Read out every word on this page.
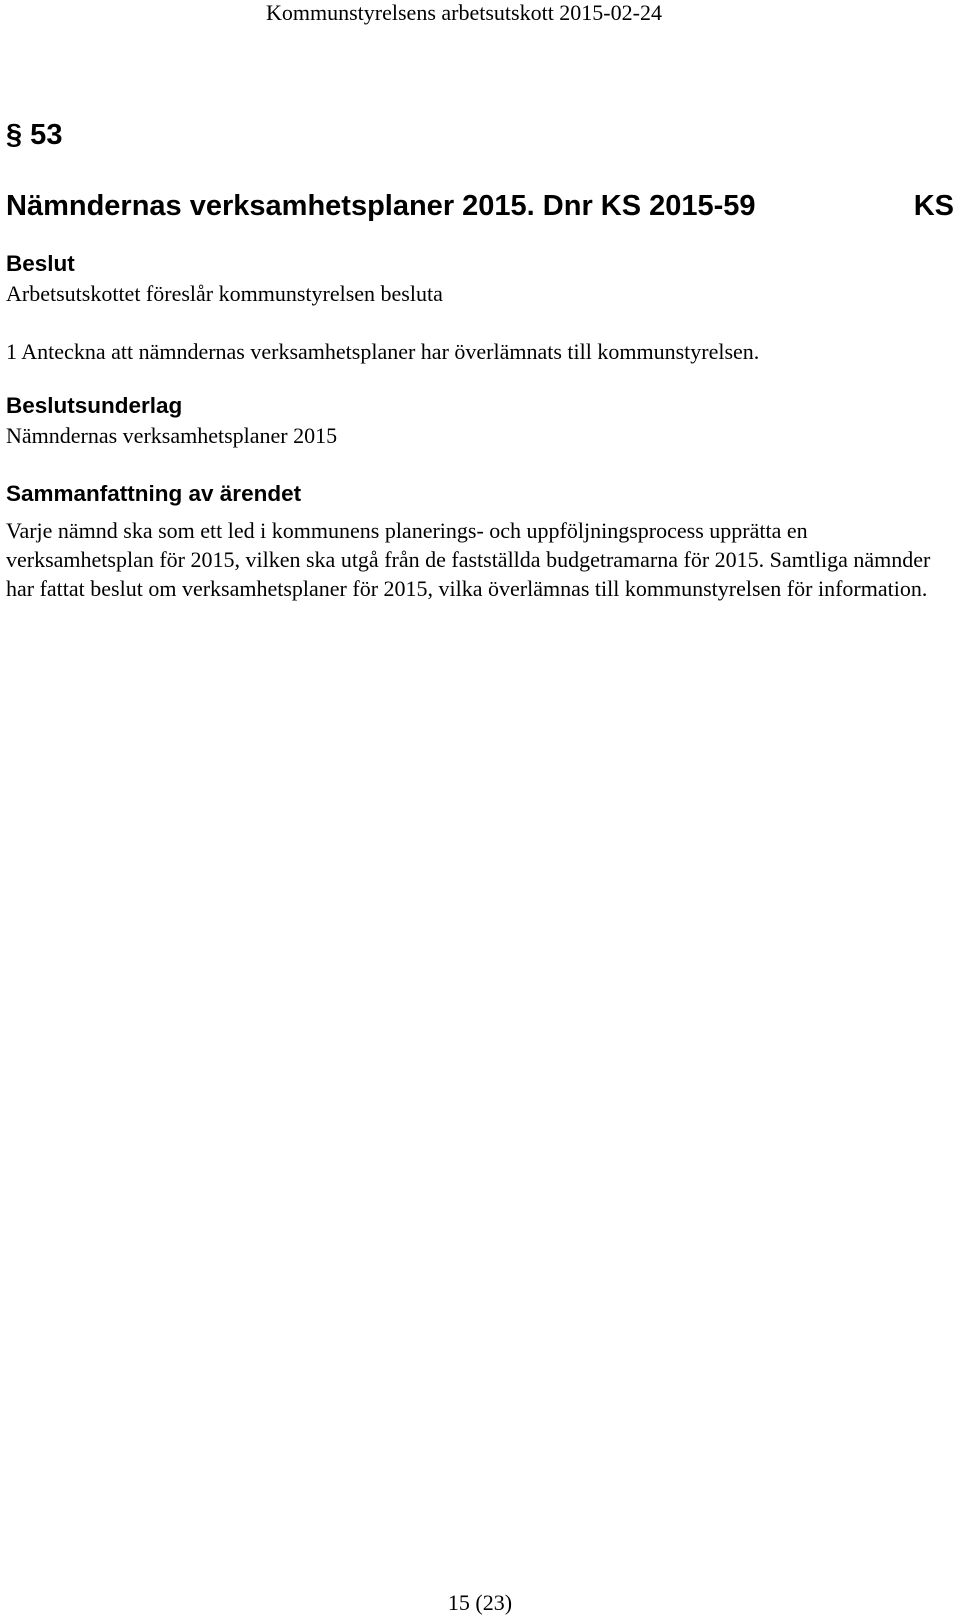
Kommunstyrelsens arbetsutskott 2015-02-24
§ 53
Nämndernas verksamhetsplaner 2015. Dnr KS 2015-59	KS
Beslut
Arbetsutskottet föreslår kommunstyrelsen besluta
1 Anteckna att nämndernas verksamhetsplaner har överlämnats till kommunstyrelsen.
Beslutsunderlag
Nämndernas verksamhetsplaner 2015
Sammanfattning av ärendet
Varje nämnd ska som ett led i kommunens planerings- och uppföljningsprocess upprätta en verksamhetsplan för 2015, vilken ska utgå från de fastställda budgetramarna för 2015. Samtliga nämnder har fattat beslut om verksamhetsplaner för 2015, vilka överlämnas till kommunstyrelsen för information.
15 (23)
